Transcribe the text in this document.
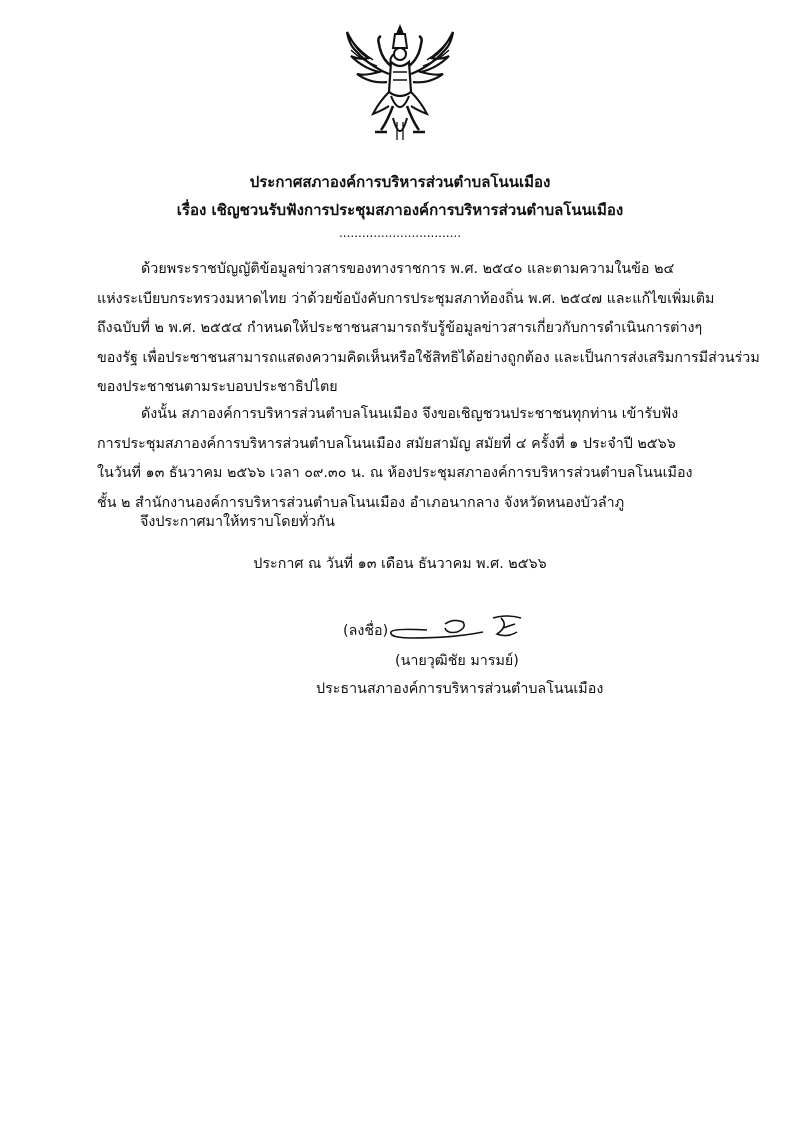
ประกาศสภาองค์การบริหารส่วนตำบลโนนเมือง
เรื่อง เชิญชวนรับฟังการประชุมสภาองค์การบริหารส่วนตำบลโนนเมือง
................................
ด้วยพระราชบัญญัติข้อมูลข่าวสารของทางราชการ พ.ศ. ๒๕๔๐ และตามความในข้อ ๒๔
แห่งระเบียบกระทรวงมหาดไทย ว่าด้วยข้อบังคับการประชุมสภาท้องถิ่น พ.ศ. ๒๕๔๗ และแก้ไขเพิ่มเติม
ถึงฉบับที่ ๒ พ.ศ. ๒๕๕๔ กำหนดให้ประชาชนสามารถรับรู้ข้อมูลข่าวสารเกี่ยวกับการดำเนินการต่างๆ
ของรัฐ เพื่อประชาชนสามารถแสดงความคิดเห็นหรือใช้สิทธิได้อย่างถูกต้อง และเป็นการส่งเสริมการมีส่วนร่วม
ของประชาชนตามระบอบประชาธิปไตย
ดังนั้น สภาองค์การบริหารส่วนตำบลโนนเมือง จึงขอเชิญชวนประชาชนทุกท่าน เข้ารับฟัง
การประชุมสภาองค์การบริหารส่วนตำบลโนนเมือง สมัยสามัญ สมัยที่ ๔ ครั้งที่ ๑ ประจำปี ๒๕๖๖
ในวันที่ ๑๓ ธันวาคม ๒๕๖๖ เวลา ๐๙.๓๐ น. ณ ห้องประชุมสภาองค์การบริหารส่วนตำบลโนนเมือง
ชั้น ๒ สำนักงานองค์การบริหารส่วนตำบลโนนเมือง อำเภอนากลาง จังหวัดหนองบัวลำภู
จึงประกาศมาให้ทราบโดยทั่วกัน
ประกาศ ณ วันที่ ๑๓ เดือน ธันวาคม พ.ศ. ๒๕๖๖
(ลงชื่อ)
(นายวุฒิชัย มารมย์)
ประธานสภาองค์การบริหารส่วนตำบลโนนเมือง
